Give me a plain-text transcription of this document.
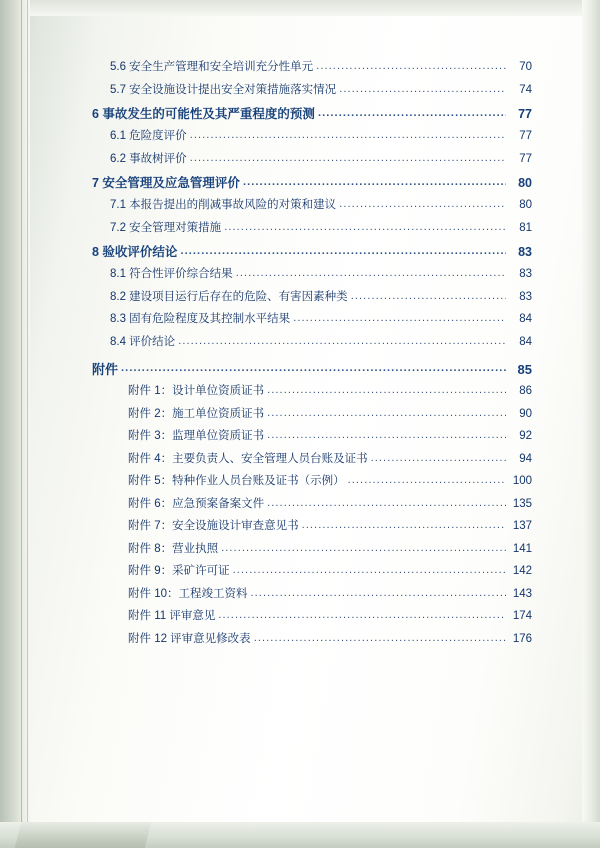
5.6 安全生产管理和安全培训充分性单元 .....	70
5.7 安全设施设计提出安全对策措施落实情况 .....	74
6 事故发生的可能性及其严重程度的预测 .....	77
6.1 危险度评价 .....	77
6.2 事故树评价 .....	77
7 安全管理及应急管理评价 .....	80
7.1 本报告提出的削减事故风险的对策和建议 .....	80
7.2 安全管理对策措施 .....	81
8 验收评价结论 .....	83
8.1 符合性评价综合结果 .....	83
8.2 建设项目运行后存在的危险、有害因素种类 .....	83
8.3 固有危险程度及其控制水平结果 .....	84
8.4 评价结论 .....	84
附件 .....	85
附件 1：设计单位资质证书 .....	86
附件 2：施工单位资质证书 .....	90
附件 3：监理单位资质证书 .....	92
附件 4：主要负责人、安全管理人员台账及证书 .....	94
附件 5：特种作业人员台账及证书（示例） .....	100
附件 6：应急预案备案文件 .....	135
附件 7：安全设施设计审查意见书 .....	137
附件 8：营业执照 .....	141
附件 9：采矿许可证 .....	142
附件 10：工程竣工资料 .....	143
附件 11 评审意见 .....	174
附件 12 评审意见修改表 .....	176
